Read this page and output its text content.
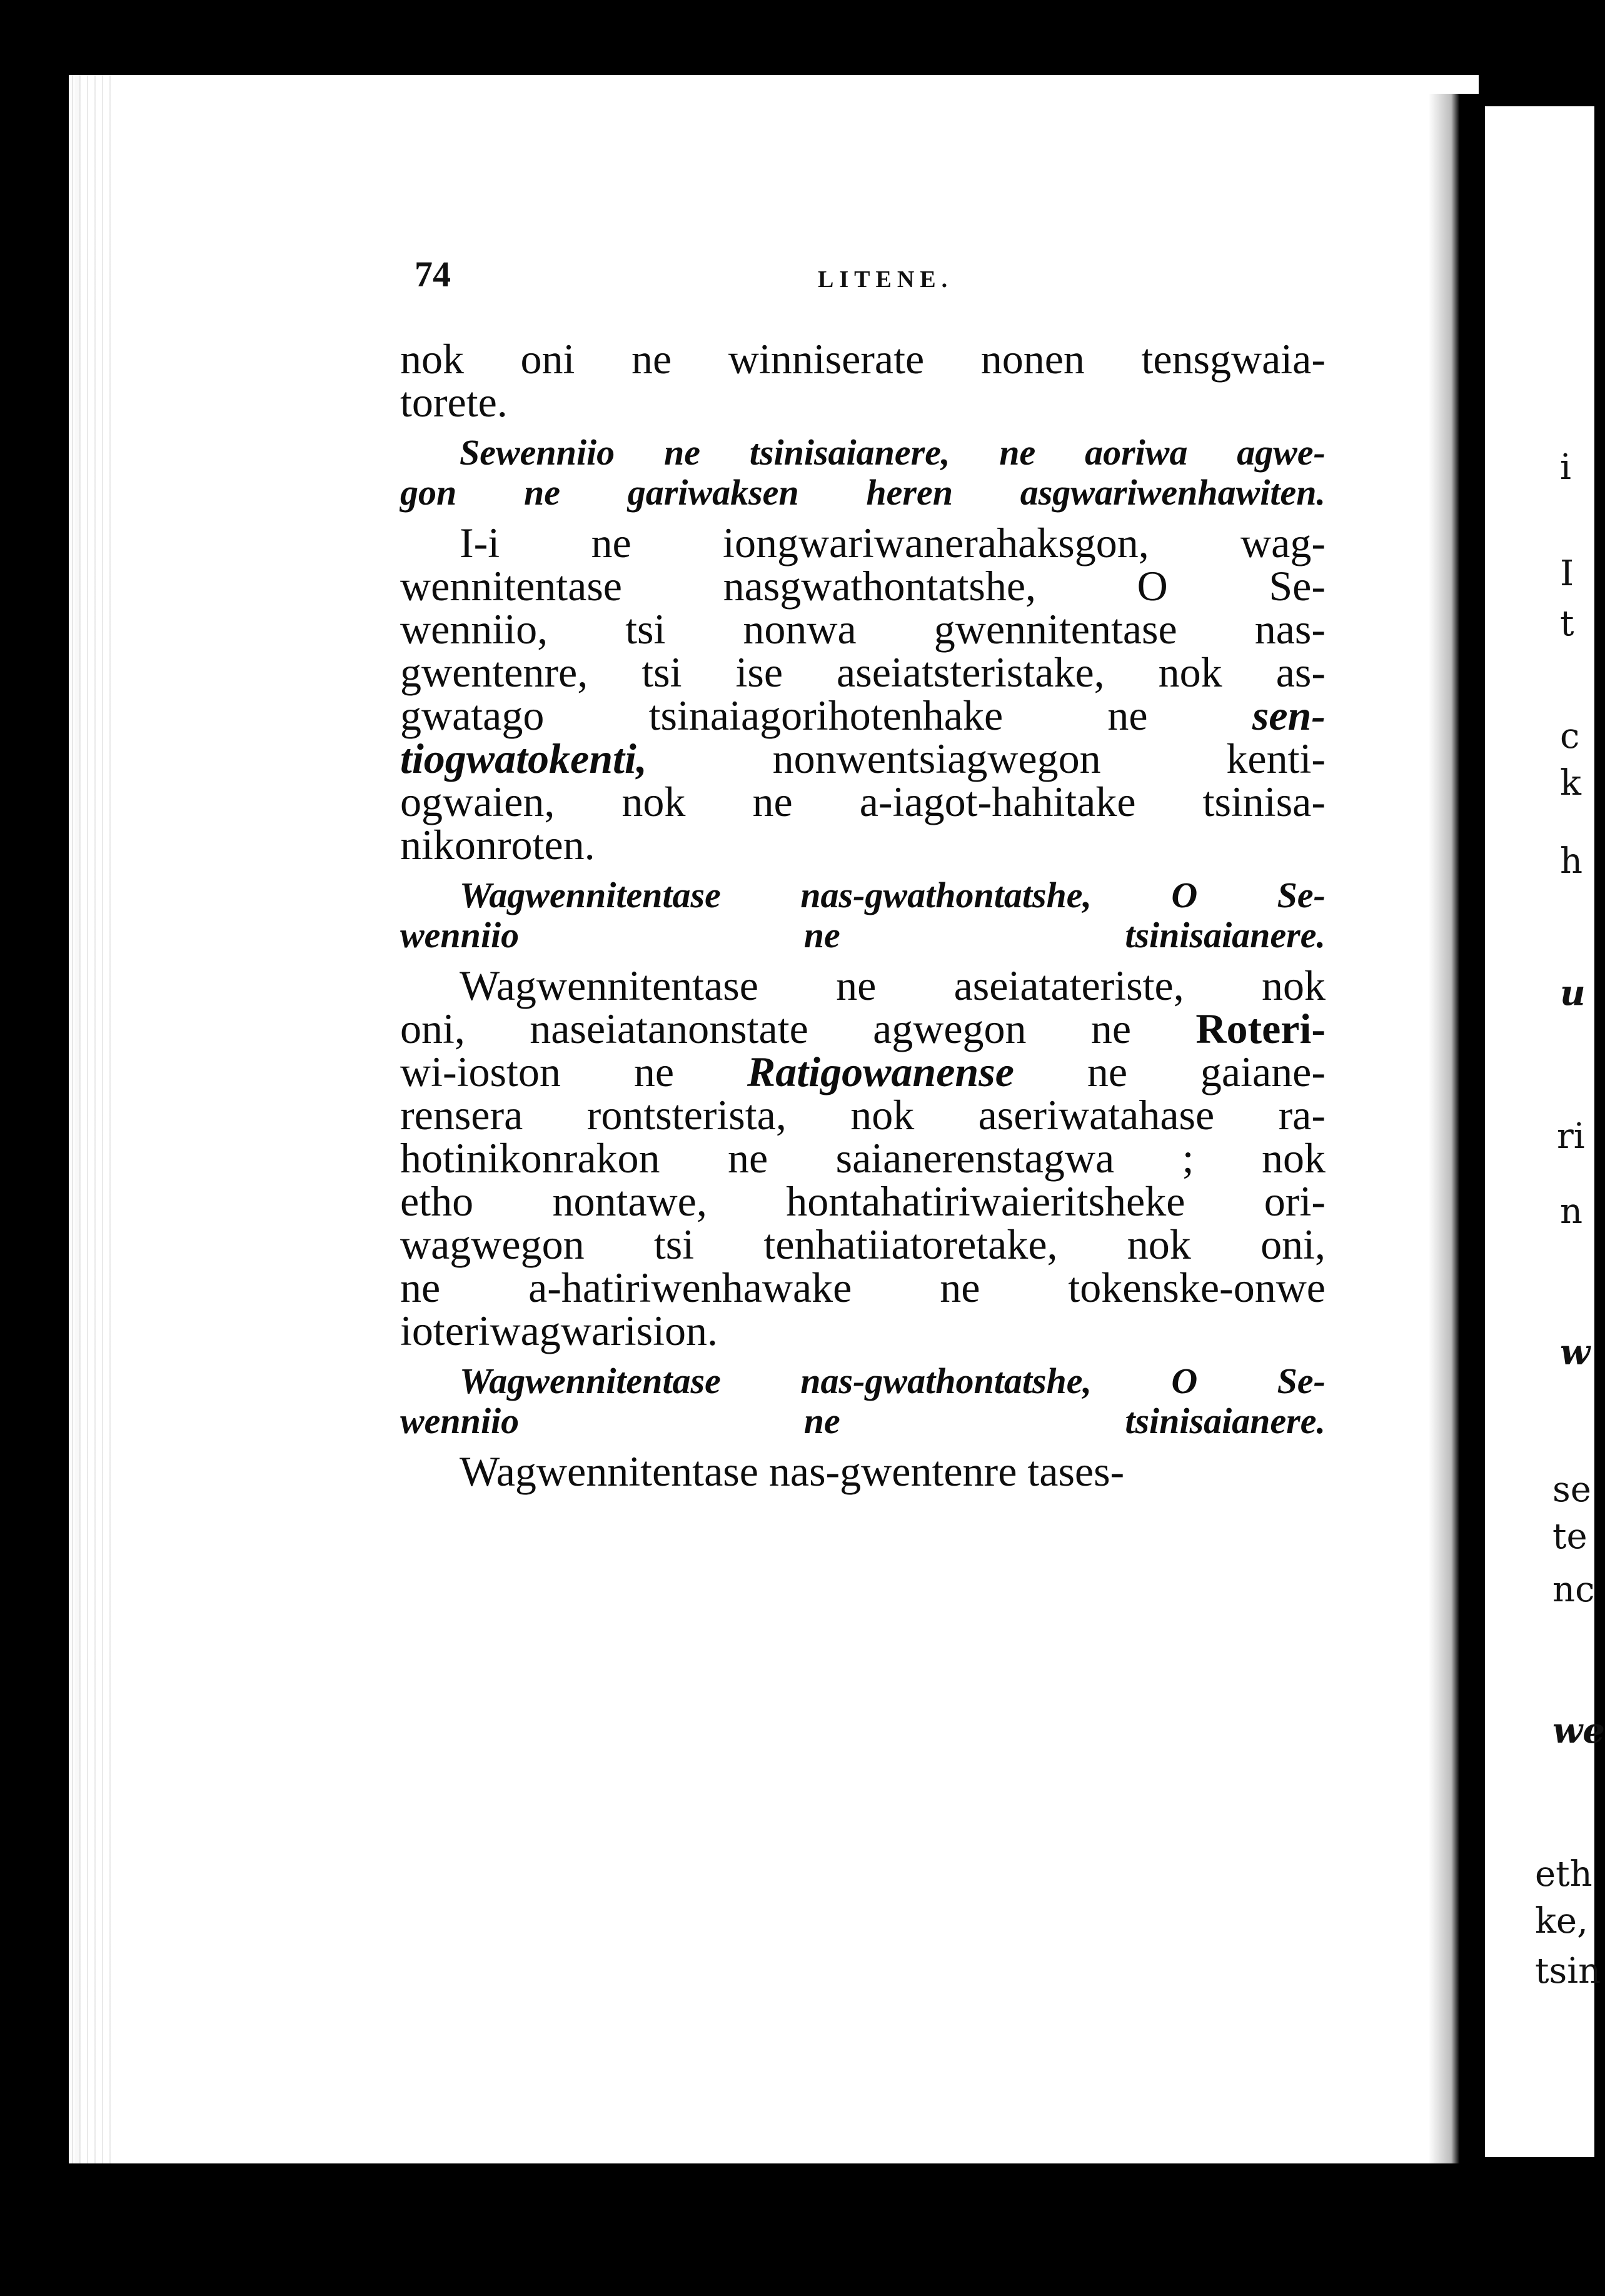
i
I
t
c
k
h
u
ri
n
w
se
te
nc
we
eth
ke,
tsin
74	LITENE.
nok oni ne winniserate nonen tensgwaia-
torete.
Sewenniio ne tsinisaianere, ne aoriwa agwe-
gon ne gariwaksen heren asgwariwenhawiten.
I-i ne iongwariwanerahaksgon, wag-
wennitentase nasgwathontatshe, O Se-
wenniio, tsi nonwa gwennitentase nas-
gwentenre, tsi ise aseiatsteristake, nok as-
gwatago tsinaiagorihotenhake ne sen-
tiogwatokenti, nonwentsiagwegon kenti-
ogwaien, nok ne a-iagot-hahitake tsinisa-
nikonroten.
Wagwennitentase nas-gwathontatshe, O Se-
wenniio ne tsinisaianere.
Wagwennitentase ne aseiatateriste, nok
oni, naseiatanonstate agwegon ne Roteri-
wi-ioston ne Ratigowanense ne gaiane-
rensera rontsterista, nok aseriwatahase ra-
hotinikonrakon ne saianerenstagwa ; nok
etho nontawe, hontahatiriwaieritsheke ori-
wagwegon tsi tenhatiiatoretake, nok oni,
ne a-hatiriwenhawake ne tokenske-onwe
ioteriwagwarision.
Wagwennitentase nas-gwathontatshe, O Se-
wenniio ne tsinisaianere.
Wagwennitentase nas-gwentenre tases-
